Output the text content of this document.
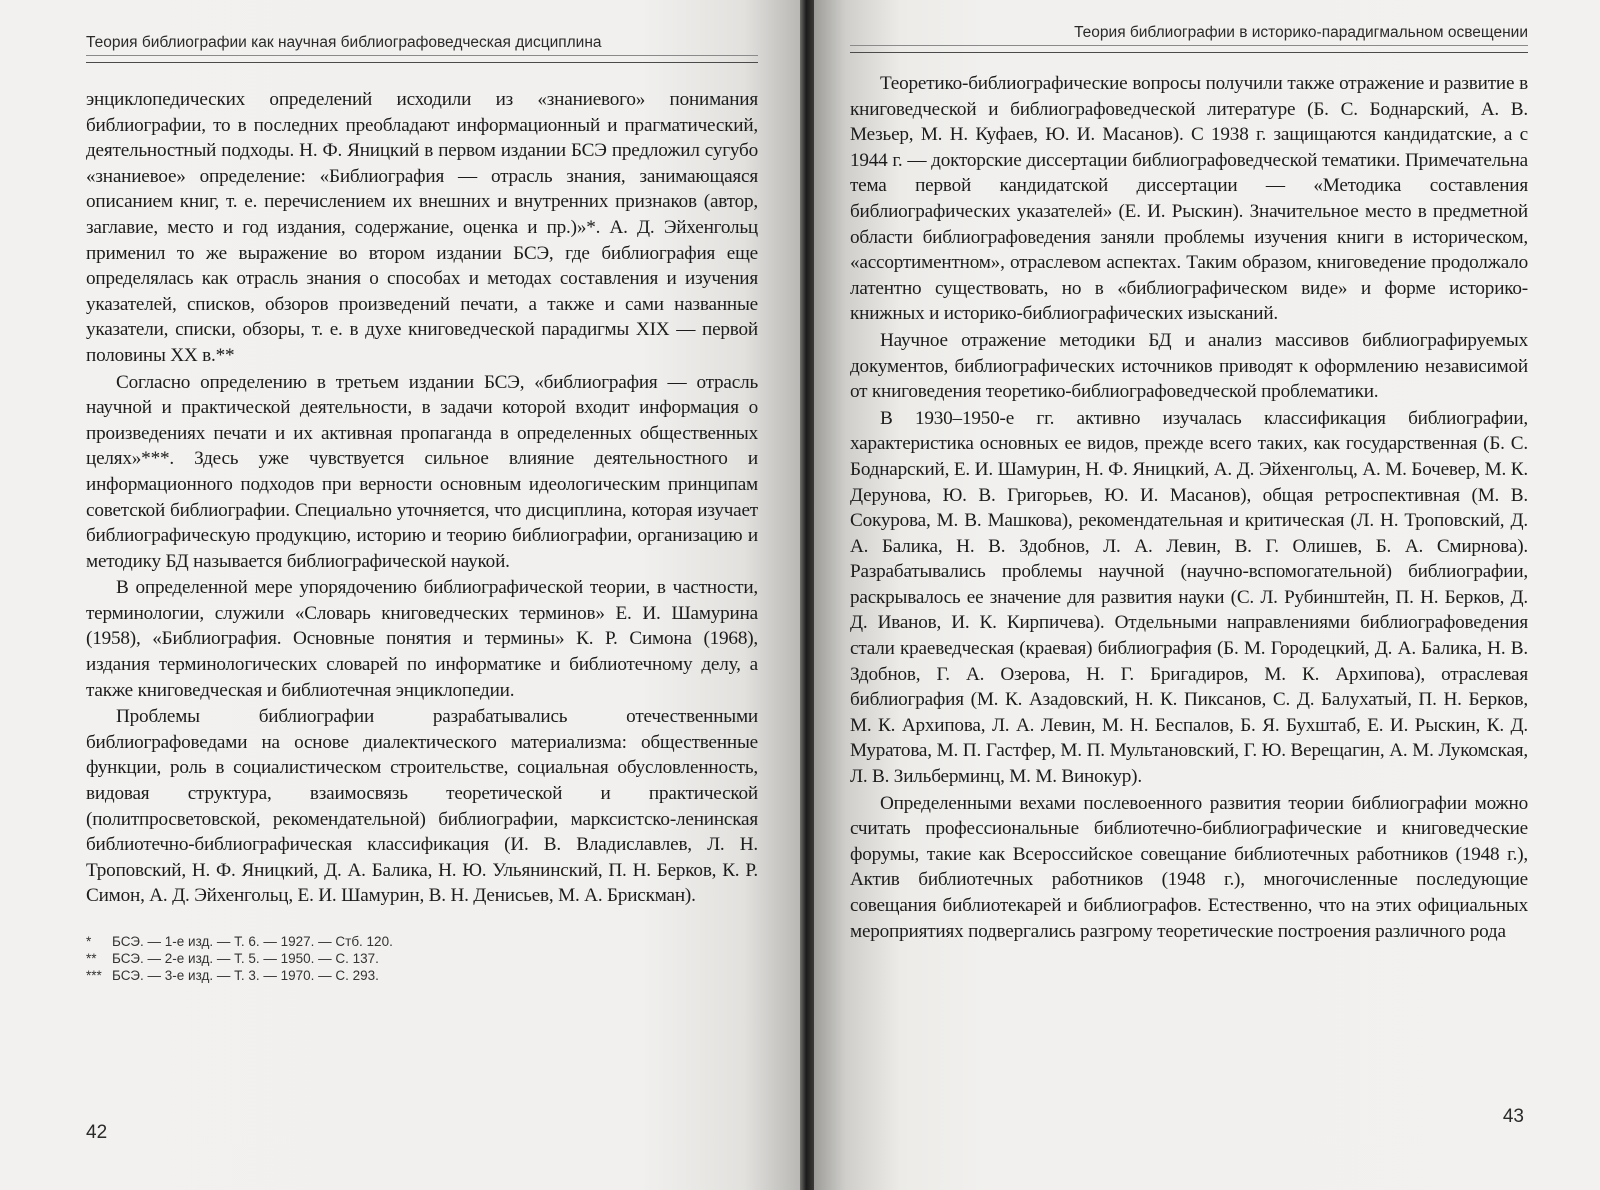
Теория библиографии как научная библиографоведческая дисциплина

энциклопедических определений исходили из «знаниевого» понимания библиографии, то в последних преобладают информационный и прагматический, деятельностный подходы. Н. Ф. Яницкий в первом издании БСЭ предложил сугубо «знаниевое» определение: «Библиография — отрасль знания, занимающаяся описанием книг, т. е. перечислением их внешних и внутренних признаков (автор, заглавие, место и год издания, содержание, оценка и пр.)»*. А. Д. Эйхенгольц применил то же выражение во втором издании БСЭ, где библиография еще определялась как отрасль знания о способах и методах составления и изучения указателей, списков, обзоров произведений печати, а также и сами названные указатели, списки, обзоры, т. е. в духе книговедческой парадигмы XIX — первой половины XX в.**

Согласно определению в третьем издании БСЭ, «библиография — отрасль научной и практической деятельности, в задачи которой входит информация о произведениях печати и их активная пропаганда в определенных общественных целях»***. Здесь уже чувствуется сильное влияние деятельностного и информационного подходов при верности основным идеологическим принципам советской библиографии. Специально уточняется, что дисциплина, которая изучает библиографическую продукцию, историю и теорию библиографии, организацию и методику БД называется библиографической наукой.

В определенной мере упорядочению библиографической теории, в частности, терминологии, служили «Словарь книговедческих терминов» Е. И. Шамурина (1958), «Библиография. Основные понятия и термины» К. Р. Симона (1968), издания терминологических словарей по информатике и библиотечному делу, а также книговедческая и библиотечная энциклопедии.

Проблемы библиографии разрабатывались отечественными библиографоведами на основе диалектического материализма: общественные функции, роль в социалистическом строительстве, социальная обусловленность, видовая структура, взаимосвязь теоретической и практической (политпросветовской, рекомендательной) библиографии, марксистско-ленинская библиотечно-библиографическая классификация (И. В. Владиславлев, Л. Н. Троповский, Н. Ф. Яницкий, Д. А. Балика, Н. Ю. Ульянинский, П. Н. Берков, К. Р. Симон, А. Д. Эйхенгольц, Е. И. Шамурин, В. Н. Денисьев, М. А. Брискман).

*	БСЭ. — 1-е изд. — Т. 6. — 1927. — Стб. 120.
**	БСЭ. — 2-е изд. — Т. 5. — 1950. — С. 137.
*** БСЭ. — 3-е изд. — Т. 3. — 1970. — С. 293.
42
Теория библиографии в историко-парадигмальном освещении

Теоретико-библиографические вопросы получили также отражение и развитие в книговедческой и библиографоведческой литературе (Б. С. Боднарский, А. В. Мезьер, М. Н. Куфаев, Ю. И. Масанов). С 1938 г. защищаются кандидатские, а с 1944 г. — докторские диссертации библиографоведческой тематики. Примечательна тема первой кандидатской диссертации — «Методика составления библиографических указателей» (Е. И. Рыскин). Значительное место в предметной области библиографоведения заняли проблемы изучения книги в историческом, «ассортиментном», отраслевом аспектах. Таким образом, книговедение продолжало латентно существовать, но в «библиографическом виде» и форме историко-книжных и историко-библиографических изысканий.

Научное отражение методики БД и анализ массивов библиографируемых документов, библиографических источников приводят к оформлению независимой от книговедения теоретико-библиографоведческой проблематики.

В 1930–1950-е гг. активно изучалась классификация библиографии, характеристика основных ее видов, прежде всего таких, как государственная (Б. С. Боднарский, Е. И. Шамурин, Н. Ф. Яницкий, А. Д. Эйхенгольц, А. М. Бочевер, М. К. Дерунова, Ю. В. Григорьев, Ю. И. Масанов), общая ретроспективная (М. В. Сокурова, М. В. Машкова), рекомендательная и критическая (Л. Н. Троповский, Д. А. Балика, Н. В. Здобнов, Л. А. Левин, В. Г. Олишев, Б. А. Смирнова). Разрабатывались проблемы научной (научно-вспомогательной) библиографии, раскрывалось ее значение для развития науки (С. Л. Рубинштейн, П. Н. Берков, Д. Д. Иванов, И. К. Кирпичева). Отдельными направлениями библиографоведения стали краеведческая (краевая) библиография (Б. М. Городецкий, Д. А. Балика, Н. В. Здобнов, Г. А. Озерова, Н. Г. Бригадиров, М. К. Архипова), отраслевая библиография (М. К. Азадовский, Н. К. Пиксанов, С. Д. Балухатый, П. Н. Берков, М. К. Архипова, Л. А. Левин, М. Н. Беспалов, Б. Я. Бухштаб, Е. И. Рыскин, К. Д. Муратова, М. П. Гастфер, М. П. Мультановский, Г. Ю. Верещагин, А. М. Лукомская, Л. В. Зильберминц, М. М. Винокур).

Определенными вехами послевоенного развития теории библиографии можно считать профессиональные библиотечно-библиографические и книговедческие форумы, такие как Всероссийское совещание библиотечных работников (1948 г.), Актив библиотечных работников (1948 г.), многочисленные последующие совещания библиотекарей и библиографов. Естественно, что на этих официальных мероприятиях подвергались разгрому теоретические построения различного рода

43
